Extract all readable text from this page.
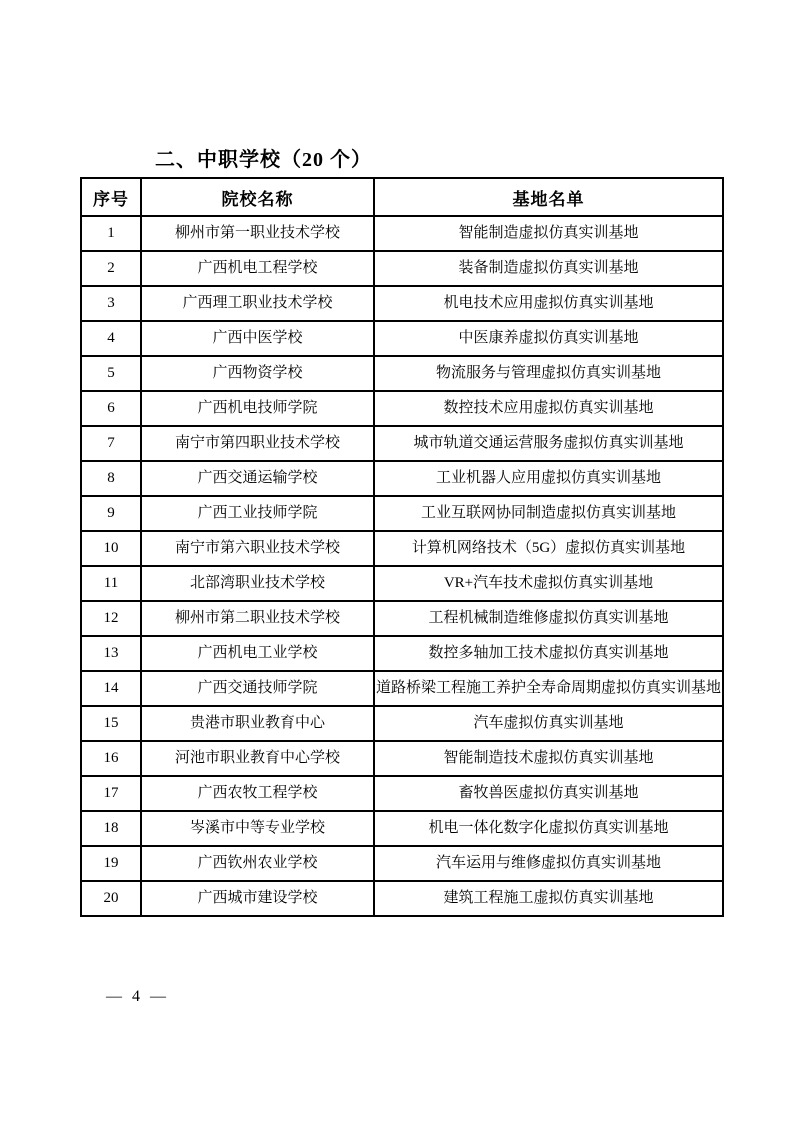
二、中职学校（20 个）
序号	院校名称	基地名单
1	柳州市第一职业技术学校	智能制造虚拟仿真实训基地
2	广西机电工程学校	装备制造虚拟仿真实训基地
3	广西理工职业技术学校	机电技术应用虚拟仿真实训基地
4	广西中医学校	中医康养虚拟仿真实训基地
5	广西物资学校	物流服务与管理虚拟仿真实训基地
6	广西机电技师学院	数控技术应用虚拟仿真实训基地
7	南宁市第四职业技术学校	城市轨道交通运营服务虚拟仿真实训基地
8	广西交通运输学校	工业机器人应用虚拟仿真实训基地
9	广西工业技师学院	工业互联网协同制造虚拟仿真实训基地
10	南宁市第六职业技术学校	计算机网络技术（5G）虚拟仿真实训基地
11	北部湾职业技术学校	VR+汽车技术虚拟仿真实训基地
12	柳州市第二职业技术学校	工程机械制造维修虚拟仿真实训基地
13	广西机电工业学校	数控多轴加工技术虚拟仿真实训基地
14	广西交通技师学院	道路桥梁工程施工养护全寿命周期虚拟仿真实训基地
15	贵港市职业教育中心	汽车虚拟仿真实训基地
16	河池市职业教育中心学校	智能制造技术虚拟仿真实训基地
17	广西农牧工程学校	畜牧兽医虚拟仿真实训基地
18	岑溪市中等专业学校	机电一体化数字化虚拟仿真实训基地
19	广西钦州农业学校	汽车运用与维修虚拟仿真实训基地
20	广西城市建设学校	建筑工程施工虚拟仿真实训基地
— 4 —
